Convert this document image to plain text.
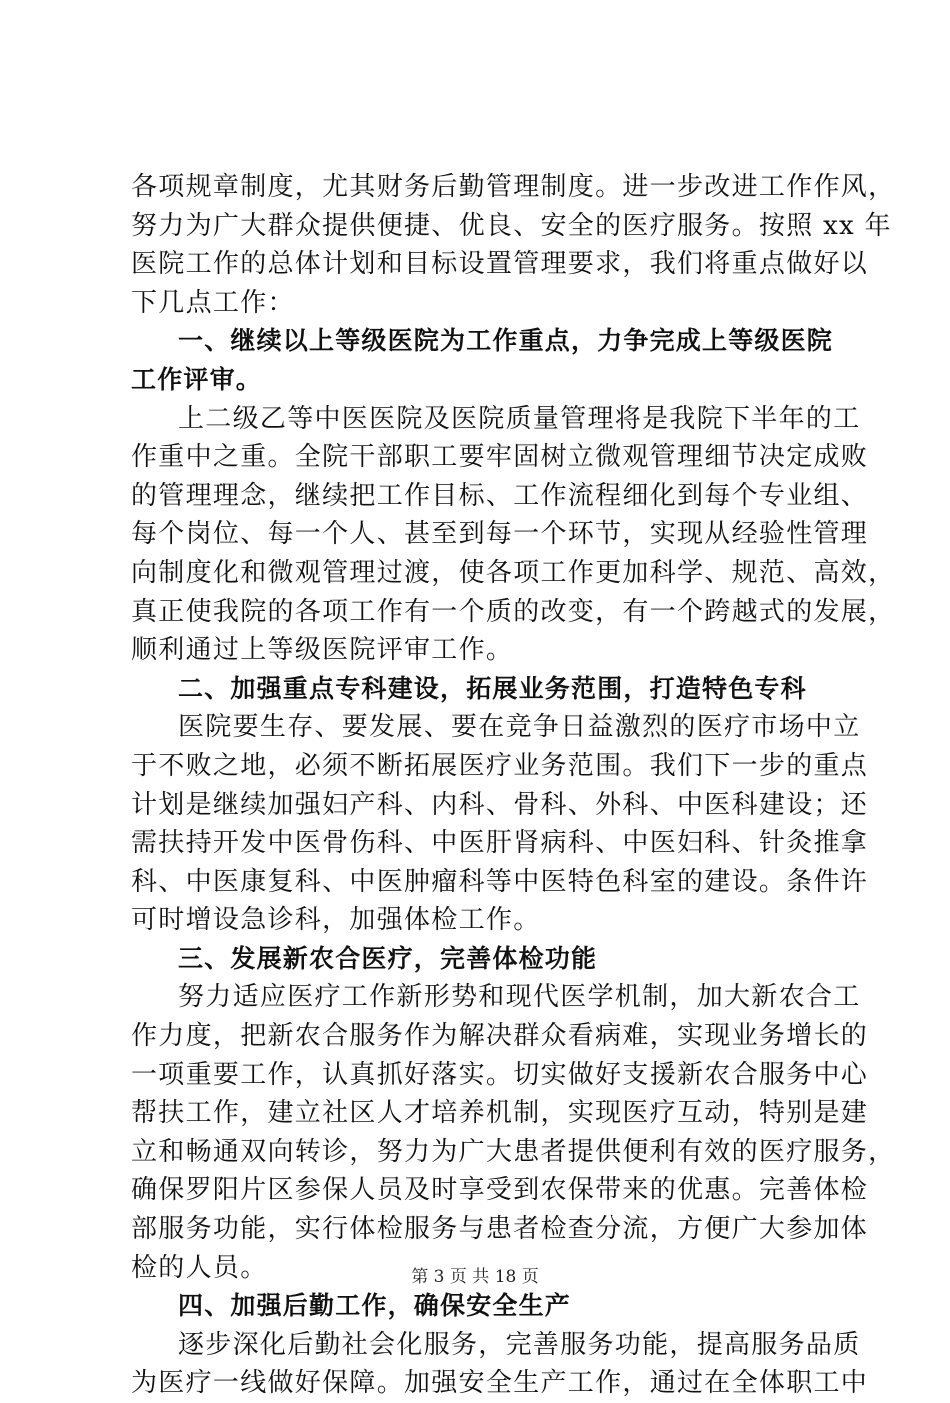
各项规章制度，尤其财务后勤管理制度。进一步改进工作作风，
努力为广大群众提供便捷、优良、安全的医疗服务。按照 xx 年
医院工作的总体计划和目标设置管理要求，我们将重点做好以
下几点工作：
一、继续以上等级医院为工作重点，力争完成上等级医院
工作评审。
上二级乙等中医医院及医院质量管理将是我院下半年的工
作重中之重。全院干部职工要牢固树立微观管理细节决定成败
的管理理念，继续把工作目标、工作流程细化到每个专业组、
每个岗位、每一个人、甚至到每一个环节，实现从经验性管理
向制度化和微观管理过渡，使各项工作更加科学、规范、高效，
真正使我院的各项工作有一个质的改变，有一个跨越式的发展，
顺利通过上等级医院评审工作。
二、加强重点专科建设，拓展业务范围，打造特色专科
医院要生存、要发展、要在竞争日益激烈的医疗市场中立
于不败之地，必须不断拓展医疗业务范围。我们下一步的重点
计划是继续加强妇产科、内科、骨科、外科、中医科建设；还
需扶持开发中医骨伤科、中医肝肾病科、中医妇科、针灸推拿
科、中医康复科、中医肿瘤科等中医特色科室的建设。条件许
可时增设急诊科，加强体检工作。
三、发展新农合医疗，完善体检功能
努力适应医疗工作新形势和现代医学机制，加大新农合工
作力度，把新农合服务作为解决群众看病难，实现业务增长的
一项重要工作，认真抓好落实。切实做好支援新农合服务中心
帮扶工作，建立社区人才培养机制，实现医疗互动，特别是建
立和畅通双向转诊，努力为广大患者提供便利有效的医疗服务，
确保罗阳片区参保人员及时享受到农保带来的优惠。完善体检
部服务功能，实行体检服务与患者检查分流，方便广大参加体
检的人员。
四、加强后勤工作，确保安全生产
逐步深化后勤社会化服务，完善服务功能，提高服务品质
为医疗一线做好保障。加强安全生产工作，通过在全体职工中
第 3 页 共 18 页
